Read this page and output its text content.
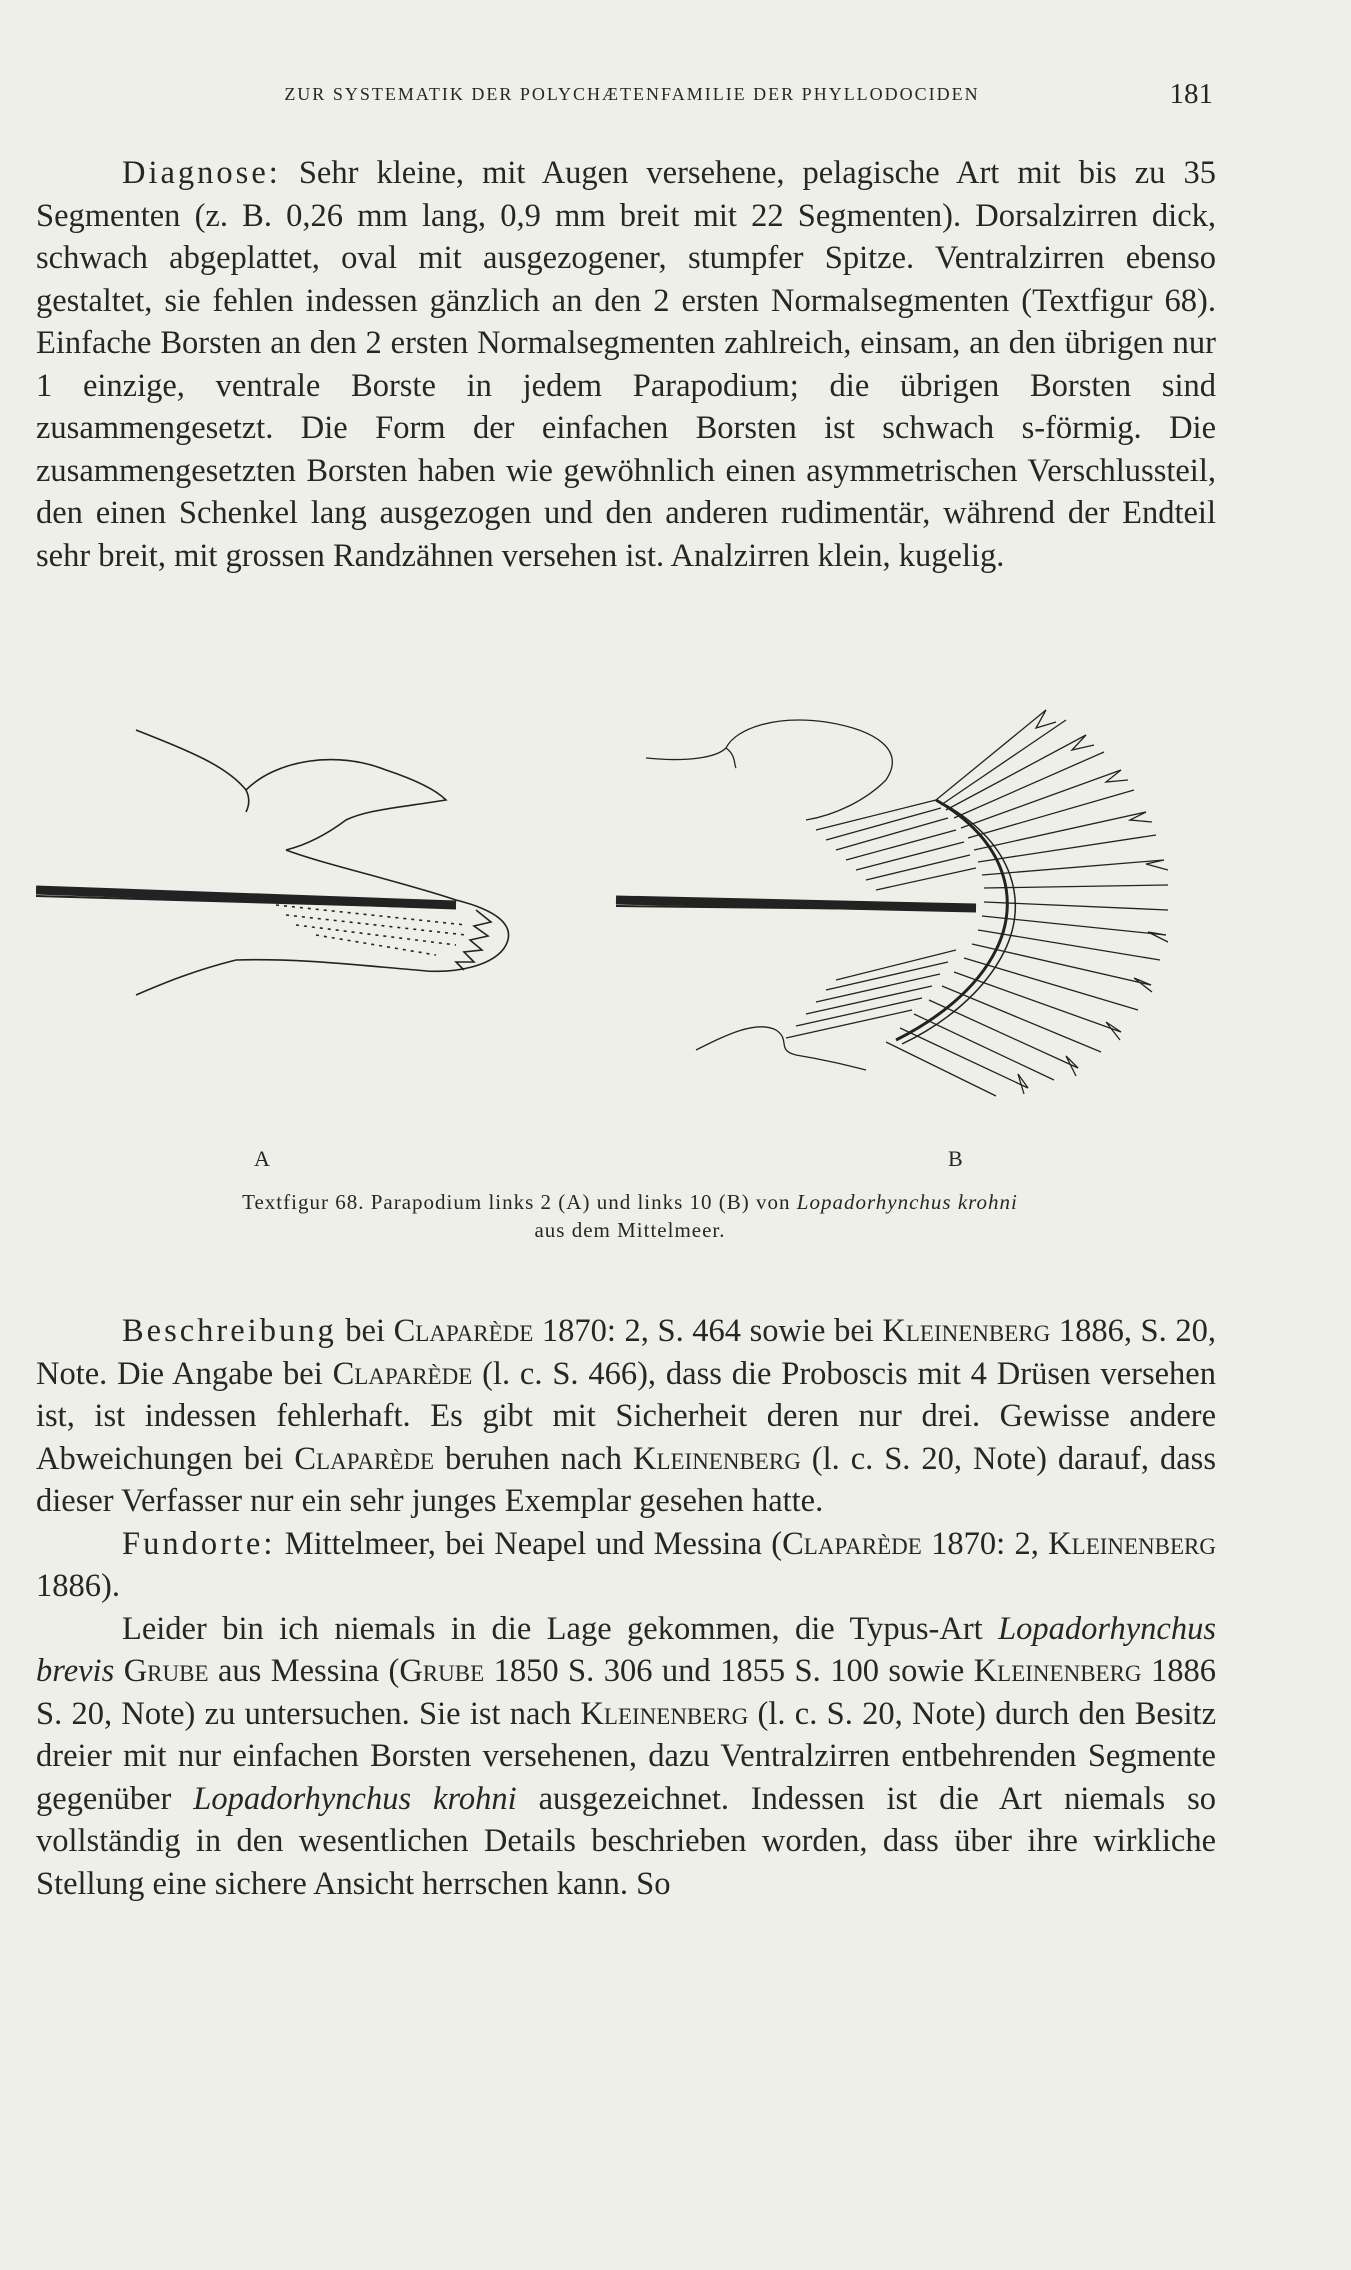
ZUR SYSTEMATIK DER POLYCHÆTENFAMILIE DER PHYLLODOCIDEN	181

Diagnose: Sehr kleine, mit Augen versehene, pelagische Art mit bis zu 35 Segmenten (z. B. 0,26 mm lang, 0,9 mm breit mit 22 Segmenten). Dorsalzirren dick, schwach abgeplattet, oval mit ausgezogener, stumpfer Spitze. Ventralzirren ebenso gestaltet, sie fehlen indessen gänzlich an den 2 ersten Normalsegmenten (Textfigur 68). Einfache Borsten an den 2 ersten Normalsegmenten zahlreich, einsam, an den übrigen nur 1 einzige, ventrale Borste in jedem Parapodium; die übrigen Borsten sind zusammengesetzt. Die Form der einfachen Borsten ist schwach s-förmig. Die zusammengesetzten Borsten haben wie gewöhnlich einen asymmetrischen Verschlussteil, den einen Schenkel lang ausgezogen und den anderen rudimentär, während der Endteil sehr breit, mit grossen Randzähnen versehen ist. Analzirren klein, kugelig.

A	B
Textfigur 68. Parapodium links 2 (A) und links 10 (B) von Lopadorhynchus krohni
aus dem Mittelmeer.

Beschreibung bei Claparède 1870: 2, S. 464 sowie bei Kleinenberg 1886, S. 20, Note. Die Angabe bei Claparède (l. c. S. 466), dass die Proboscis mit 4 Drüsen versehen ist, ist indessen fehlerhaft. Es gibt mit Sicherheit deren nur drei. Gewisse andere Abweichungen bei Claparède beruhen nach Kleinenberg (l. c. S. 20, Note) darauf, dass dieser Verfasser nur ein sehr junges Exemplar gesehen hatte.

Fundorte: Mittelmeer, bei Neapel und Messina (Claparède 1870: 2, Kleinenberg 1886).

Leider bin ich niemals in die Lage gekommen, die Typus-Art Lopadorhynchus brevis Grube aus Messina (Grube 1850 S. 306 und 1855 S. 100 sowie Kleinenberg 1886 S. 20, Note) zu untersuchen. Sie ist nach Kleinenberg (l. c. S. 20, Note) durch den Besitz dreier mit nur einfachen Borsten versehenen, dazu Ventralzirren entbehrenden Segmente gegenüber Lopadorhynchus krohni ausgezeichnet. Indessen ist die Art niemals so vollständig in den wesentlichen Details beschrieben worden, dass über ihre wirkliche Stellung eine sichere Ansicht herrschen kann. So
